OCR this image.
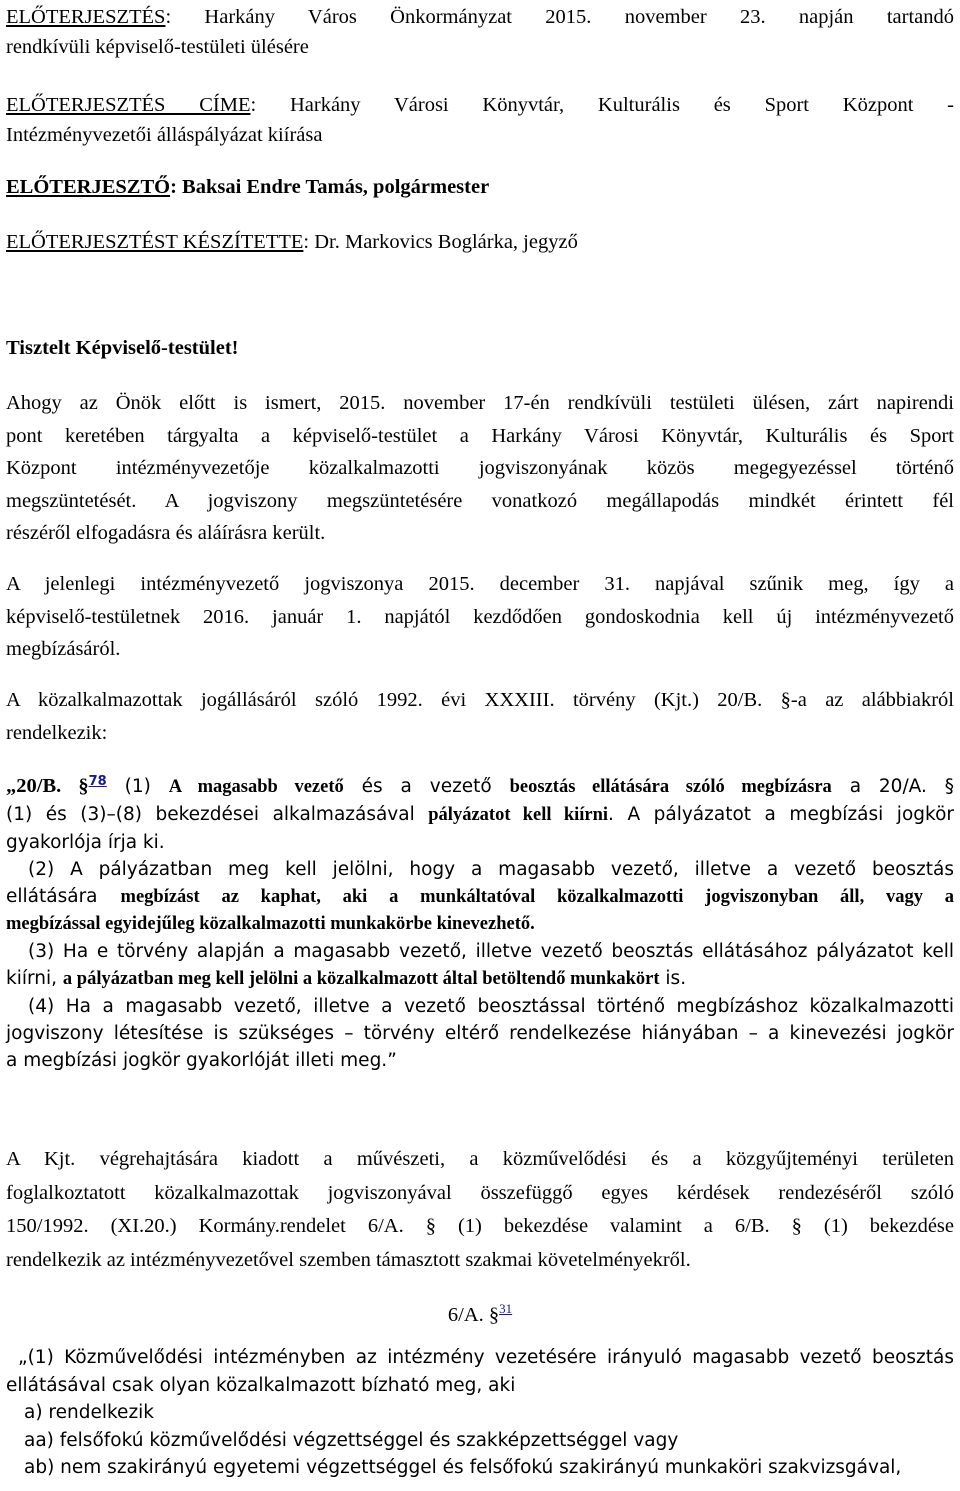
ELŐTERJESZTÉS: Harkány Város Önkormányzat 2015. november 23. napján tartandó

rendkívüli képviselő-testületi ülésére

ELŐTERJESZTÉS CÍME: Harkány Városi Könyvtár, Kulturális és Sport Központ -

Intézményvezetői álláspályázat kiírása

ELŐTERJESZTŐ: Baksai Endre Tamás, polgármester

ELŐTERJESZTÉST KÉSZÍTETTE: Dr. Markovics Boglárka, jegyző

Tisztelt Képviselő-testület!

Ahogy az Önök előtt is ismert, 2015. november 17-én rendkívüli testületi ülésen, zárt napirendi
pont keretében tárgyalta a képviselő-testület a Harkány Városi Könyvtár, Kulturális és Sport
Központ intézményvezetője közalkalmazotti jogviszonyának közös megegyezéssel történő
megszüntetését. A jogviszony megszüntetésére vonatkozó megállapodás mindkét érintett fél
részéről elfogadásra és aláírásra került.
A jelenlegi intézményvezető jogviszonya 2015. december 31. napjával szűnik meg, így a
képviselő-testületnek 2016. január 1. napjától kezdődően gondoskodnia kell új intézményvezető
megbízásáról.
A közalkalmazottak jogállásáról szóló 1992. évi XXXIII. törvény (Kjt.) 20/B. §-a az alábbiakról
rendelkezik:
„20/B. §$^{78}$ (1) A magasabb vezető és a vezető beosztás ellátására szóló megbízásra a 20/A. §
(1) és (3)–(8) bekezdései alkalmazásával pályázatot kell kiírni. A pályázatot a megbízási jogkör
gyakorlója írja ki.
(2) A pályázatban meg kell jelölni, hogy a magasabb vezető, illetve a vezető beosztás
ellátására megbízást az kaphat, aki a munkáltatóval közalkalmazotti jogviszonyban áll, vagy a
megbízással egyidejűleg közalkalmazotti munkakörbe kinevezhető.
(3) Ha e törvény alapján a magasabb vezető, illetve vezető beosztás ellátásához pályázatot kell
kiírni, a pályázatban meg kell jelölni a közalkalmazott által betöltendő munkakört is.
(4) Ha a magasabb vezető, illetve a vezető beosztással történő megbízáshoz közalkalmazotti
jogviszony létesítése is szükséges – törvény eltérő rendelkezése hiányában – a kinevezési jogkör
a megbízási jogkör gyakorlóját illeti meg.”
A Kjt. végrehajtására kiadott a művészeti, a közművelődési és a közgyűjteményi területen
foglalkoztatott közalkalmazottak jogviszonyával összefüggő egyes kérdések rendezéséről szóló
150/1992. (XI.20.) Kormány.rendelet 6/A. § (1) bekezdése valamint a 6/B. § (1) bekezdése
rendelkezik az intézményvezetővel szemben támasztott szakmai követelményekről.

6/A. §$^{31}$

„(1) Közművelődési intézményben az intézmény vezetésére irányuló magasabb vezető beosztás
ellátásával csak olyan közalkalmazott bízható meg, aki
a) rendelkezik
aa) felsőfokú közművelődési végzettséggel és szakképzettséggel vagy
ab) nem szakirányú egyetemi végzettséggel és felsőfokú szakirányú munkaköri szakvizsgával,
